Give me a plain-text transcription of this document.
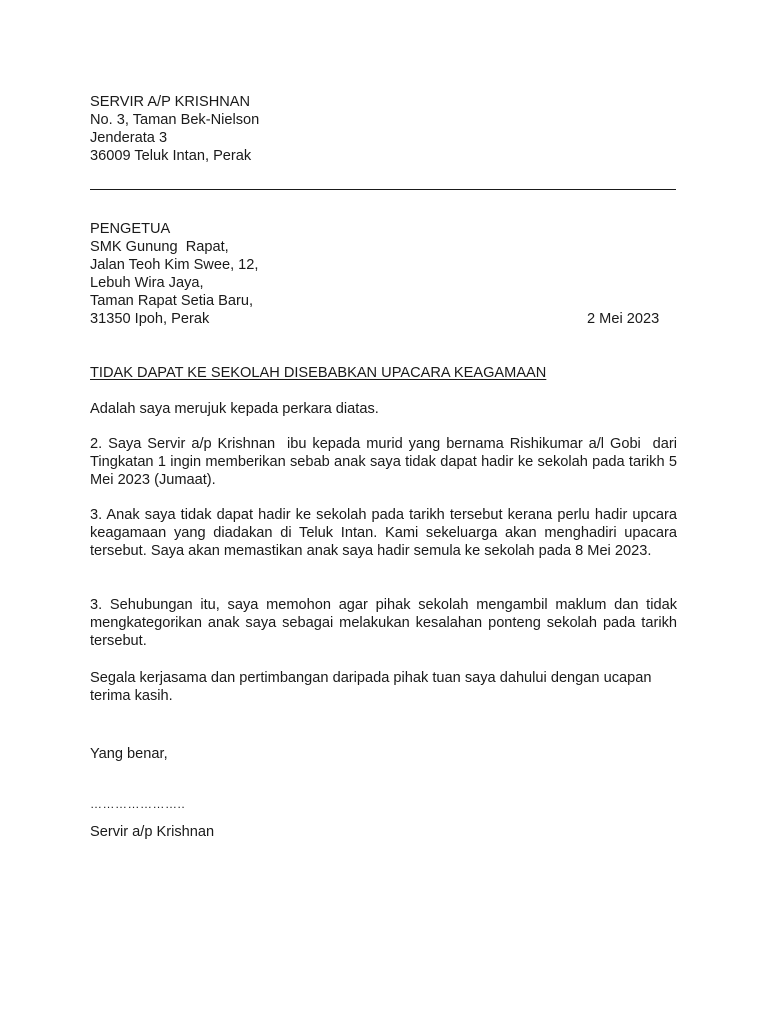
SERVIR A/P KRISHNAN
No. 3, Taman Bek-Nielson
Jenderata 3
36009 Teluk Intan, Perak
PENGETUA
SMK Gunung  Rapat,
Jalan Teoh Kim Swee, 12,
Lebuh Wira Jaya,
Taman Rapat Setia Baru,
31350 Ipoh, Perak	2 Mei 2023
TIDAK DAPAT KE SEKOLAH DISEBABKAN UPACARA KEAGAMAAN
Adalah saya merujuk kepada perkara diatas.
2. Saya Servir a/p Krishnan  ibu kepada murid yang bernama Rishikumar a/l Gobi  dari Tingkatan 1 ingin memberikan sebab anak saya tidak dapat hadir ke sekolah pada tarikh 5 Mei 2023 (Jumaat).
3. Anak saya tidak dapat hadir ke sekolah pada tarikh tersebut kerana perlu hadir upcara keagamaan yang diadakan di Teluk Intan. Kami sekeluarga akan menghadiri upacara tersebut. Saya akan memastikan anak saya hadir semula ke sekolah pada 8 Mei 2023.
3. Sehubungan itu, saya memohon agar pihak sekolah mengambil maklum dan tidak mengkategorikan anak saya sebagai melakukan kesalahan ponteng sekolah pada tarikh tersebut.
Segala kerjasama dan pertimbangan daripada pihak tuan saya dahului dengan ucapan terima kasih.
Yang benar,
…………………..
Servir a/p Krishnan
